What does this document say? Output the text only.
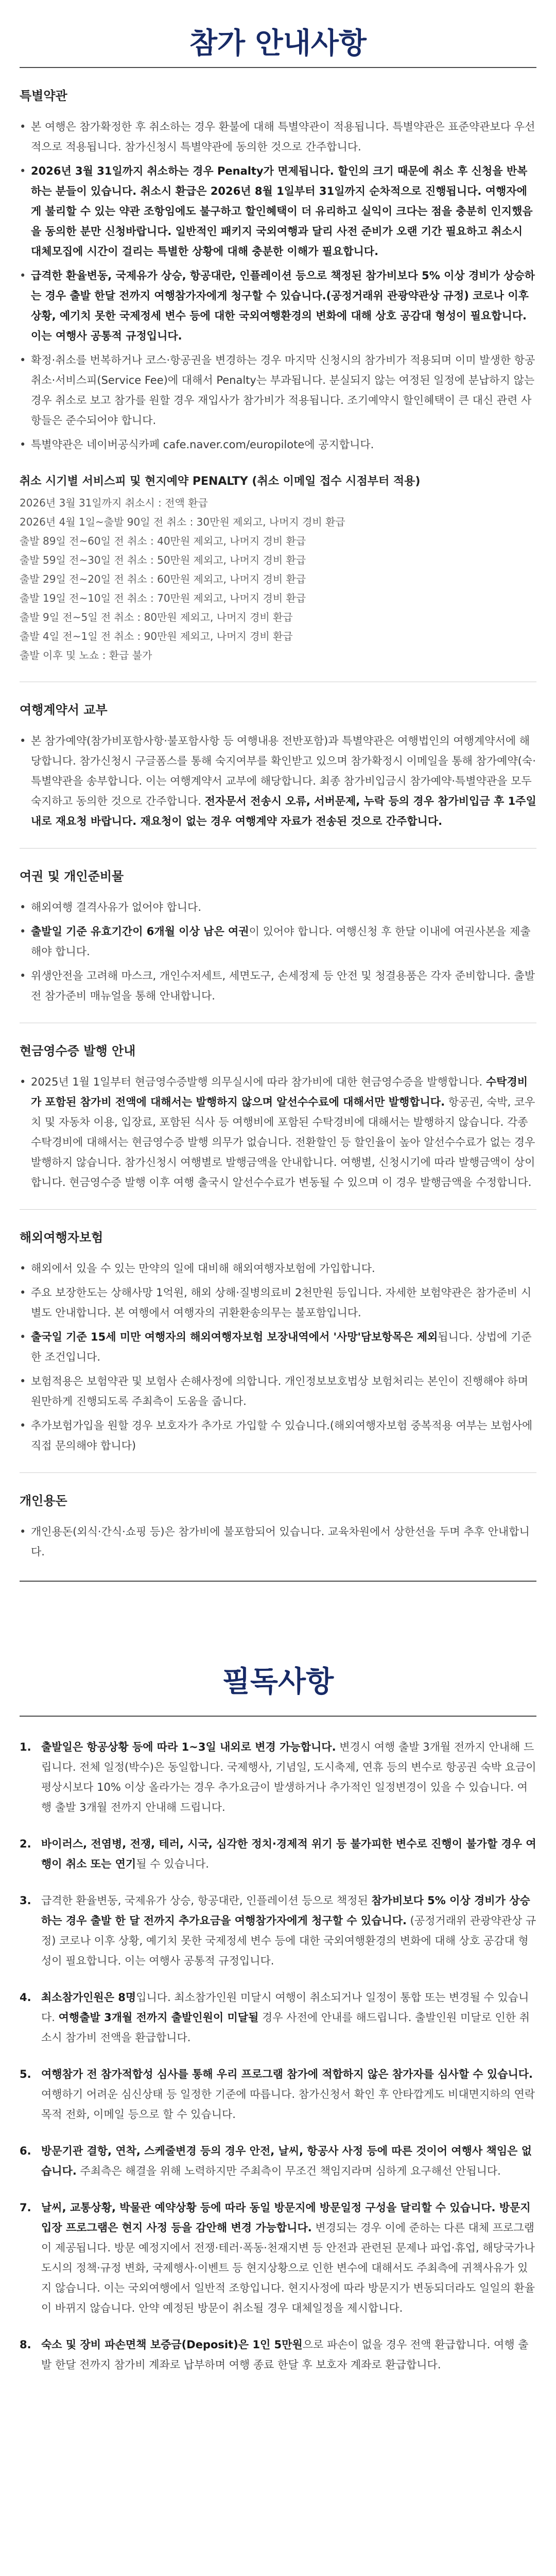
참가 안내사항
특별약관
• 본 여행은 참가확정한 후 취소하는 경우 환불에 대해 특별약관이 적용됩니다. 특별약관은 표준약관보다 우선적으로 적용됩니다. 참가신청시 특별약관에 동의한 것으로 간주합니다.
• 2026년 3월 31일까지 취소하는 경우 Penalty가 면제됩니다. 할인의 크기 때문에 취소 후 신청을 반복하는 분들이 있습니다. 취소시 환급은 2026년 8월 1일부터 31일까지 순차적으로 진행됩니다. 여행자에게 불리할 수 있는 약관 조항임에도 불구하고 할인혜택이 더 유리하고 실익이 크다는 점을 충분히 인지했음을 동의한 분만 신청바랍니다. 일반적인 패키지 국외여행과 달리 사전 준비가 오랜 기간 필요하고 취소시 대체모집에 시간이 걸리는 특별한 상황에 대해 충분한 이해가 필요합니다.
• 급격한 환율변동, 국제유가 상승, 항공대란, 인플레이션 등으로 책정된 참가비보다 5% 이상 경비가 상승하는 경우 출발 한달 전까지 여행참가자에게 청구할 수 있습니다.(공정거래위 관광약관상 규정) 코로나 이후 상황, 예기치 못한 국제정세 변수 등에 대한 국외여행환경의 변화에 대해 상호 공감대 형성이 필요합니다. 이는 여행사 공통적 규정입니다.
• 확정·취소를 번복하거나 코스·항공권을 변경하는 경우 마지막 신청시의 참가비가 적용되며 이미 발생한 항공취소·서비스피(Service Fee)에 대해서 Penalty는 부과됩니다. 분실되지 않는 여정된 일정에 분납하지 않는 경우 취소로 보고 참가를 원할 경우 재입사가 참가비가 적용됩니다. 조기예약시 할인혜택이 큰 대신 관련 사항들은 준수되어야 합니다.
• 특별약관은 네이버공식카페 cafe.naver.com/europilote에 공지합니다.
취소 시기별 서비스피 및 현지예약 PENALTY (취소 이메일 접수 시점부터 적용)
2026년 3월 31일까지 취소시 : 전액 환급
2026년 4월 1일~출발 90일 전 취소 : 30만원 제외고, 나머지 경비 환급
출발 89일 전~60일 전 취소 : 40만원 제외고, 나머지 경비 환급
출발 59일 전~30일 전 취소 : 50만원 제외고, 나머지 경비 환급
출발 29일 전~20일 전 취소 : 60만원 제외고, 나머지 경비 환급
출발 19일 전~10일 전 취소 : 70만원 제외고, 나머지 경비 환급
출발 9일 전~5일 전 취소 : 80만원 제외고, 나머지 경비 환급
출발 4일 전~1일 전 취소 : 90만원 제외고, 나머지 경비 환급
출발 이후 및 노쇼 : 환급 불가
여행계약서 교부
• 본 참가예약(참가비포함사항·불포함사항 등 여행내용 전반포함)과 특별약관은 여행법인의 여행계약서에 해당합니다. 참가신청시 구글폼스를 통해 숙지여부를 확인받고 있으며 참가확정시 이메일을 통해 참가예약(숙·특별약관을 송부합니다. 이는 여행계약서 교부에 해당합니다. 최종 참가비입금시 참가예약·특별약관을 모두 숙지하고 동의한 것으로 간주합니다. 전자문서 전송시 오류, 서버문제, 누락 등의 경우 참가비입금 후 1주일 내로 재요청 바랍니다. 재요청이 없는 경우 여행계약 자료가 전송된 것으로 간주합니다.
여권 및 개인준비물
• 해외여행 결격사유가 없어야 합니다.
• 출발일 기준 유효기간이 6개월 이상 남은 여권이 있어야 합니다. 여행신청 후 한달 이내에 여권사본을 제출해야 합니다.
• 위생안전을 고려해 마스크, 개인수저세트, 세면도구, 손세정제 등 안전 및 청결용품은 각자 준비합니다. 출발 전 참가준비 매뉴얼을 통해 안내합니다.
현금영수증 발행 안내
• 2025년 1월 1일부터 현금영수증발행 의무실시에 따라 참가비에 대한 현금영수증을 발행합니다. 수탁경비가 포함된 참가비 전액에 대해서는 발행하지 않으며 알선수수료에 대해서만 발행합니다. 항공권, 숙박, 코우치 및 자동차 이용, 입장료, 포함된 식사 등 여행비에 포함된 수탁경비에 대해서는 발행하지 않습니다. 각종 수탁경비에 대해서는 현금영수증 발행 의무가 없습니다. 전환할인 등 할인율이 높아 알선수수료가 없는 경우 발행하지 않습니다. 참가신청시 여행별로 발행금액을 안내합니다. 여행별, 신청시기에 따라 발행금액이 상이합니다. 현금영수증 발행 이후 여행 출국시 알선수수료가 변동될 수 있으며 이 경우 발행금액을 수정합니다.
해외여행자보험
• 해외에서 있을 수 있는 만약의 일에 대비해 해외여행자보험에 가입합니다.
• 주요 보장한도는 상해사망 1억원, 해외 상해·질병의료비 2천만원 등입니다. 자세한 보험약관은 참가준비 시 별도 안내합니다. 본 여행에서 여행자의 귀환환송의무는 불포함입니다.
• 출국일 기준 15세 미만 여행자의 해외여행자보험 보장내역에서 '사망'담보항목은 제외됩니다. 상법에 기준한 조건입니다.
• 보험적용은 보험약관 및 보험사 손해사정에 의합니다. 개인정보보호법상 보험처리는 본인이 진행해야 하며 원만하게 진행되도록 주최측이 도움을 줍니다.
• 추가보험가입을 원할 경우 보호자가 추가로 가입할 수 있습니다.(해외여행자보험 중복적용 여부는 보험사에 직접 문의해야 합니다)
개인용돈
• 개인용돈(외식·간식·쇼핑 등)은 참가비에 불포함되어 있습니다. 교육차원에서 상한선을 두며 추후 안내합니다.
필독사항
1. 출발일은 항공상황 등에 따라 1~3일 내외로 변경 가능합니다. 변경시 여행 출발 3개월 전까지 안내해 드립니다. 전체 일정(박수)은 동일합니다. 국제행사, 기념일, 도시축제, 연휴 등의 변수로 항공권 숙박 요금이 평상시보다 10% 이상 올라가는 경우 추가요금이 발생하거나 추가적인 일정변경이 있을 수 있습니다. 여행 출발 3개월 전까지 안내해 드립니다.
2. 바이러스, 전염병, 전쟁, 테러, 시국, 심각한 정치·경제적 위기 등 불가피한 변수로 진행이 불가할 경우 여행이 취소 또는 연기될 수 있습니다.
3. 급격한 환율변동, 국제유가 상승, 항공대란, 인플레이션 등으로 책정된 참가비보다 5% 이상 경비가 상승하는 경우 출발 한 달 전까지 추가요금을 여행참가자에게 청구할 수 있습니다. (공정거래위 관광약관상 규정) 코로나 이후 상황, 예기치 못한 국제정세 변수 등에 대한 국외여행환경의 변화에 대해 상호 공감대 형성이 필요합니다. 이는 여행사 공통적 규정입니다.
4. 최소참가인원은 8명입니다. 최소참가인원 미달시 여행이 취소되거나 일정이 통합 또는 변경될 수 있습니다. 여행출발 3개월 전까지 출발인원이 미달될 경우 사전에 안내를 해드립니다. 출발인원 미달로 인한 취소시 참가비 전액을 환급합니다.
5. 여행참가 전 참가적합성 심사를 통해 우리 프로그램 참가에 적합하지 않은 참가자를 심사할 수 있습니다. 여행하기 어려운 심신상태 등 일정한 기준에 따릅니다. 참가신청서 확인 후 안타깝게도 비대면지하의 연락 목적 전화, 이메일 등으로 할 수 있습니다.
6. 방문기관 결항, 연착, 스케줄변경 등의 경우 안전, 날씨, 항공사 사정 등에 따른 것이어 여행사 책임은 없습니다. 주최측은 해결을 위해 노력하지만 주최측이 무조건 책임지라며 심하게 요구해선 안됩니다.
7. 날씨, 교통상황, 박물관 예약상황 등에 따라 동일 방문지에 방문일정 구성을 달리할 수 있습니다. 방문지 입장 프로그램은 현지 사정 등을 감안해 변경 가능합니다. 변경되는 경우 이에 준하는 다른 대체 프로그램이 제공됩니다. 방문 예정지에서 전쟁·테러·폭동·천재지변 등 안전과 관련된 문제나 파업·휴업, 해당국가나 도시의 정책·규정 변화, 국제행사·이벤트 등 현지상황으로 인한 변수에 대해서도 주최측에 귀책사유가 있지 않습니다. 이는 국외여행에서 일반적 조항입니다. 현지사정에 따라 방문지가 변동되더라도 일일의 환율이 바뀌지 않습니다. 안약 예정된 방문이 취소될 경우 대체일정을 제시합니다.
8. 숙소 및 장비 파손면책 보증금(Deposit)은 1인 5만원으로 파손이 없을 경우 전액 환급합니다. 여행 출발 한달 전까지 참가비 계좌로 납부하며 여행 종료 한달 후 보호자 계좌로 환급합니다.
